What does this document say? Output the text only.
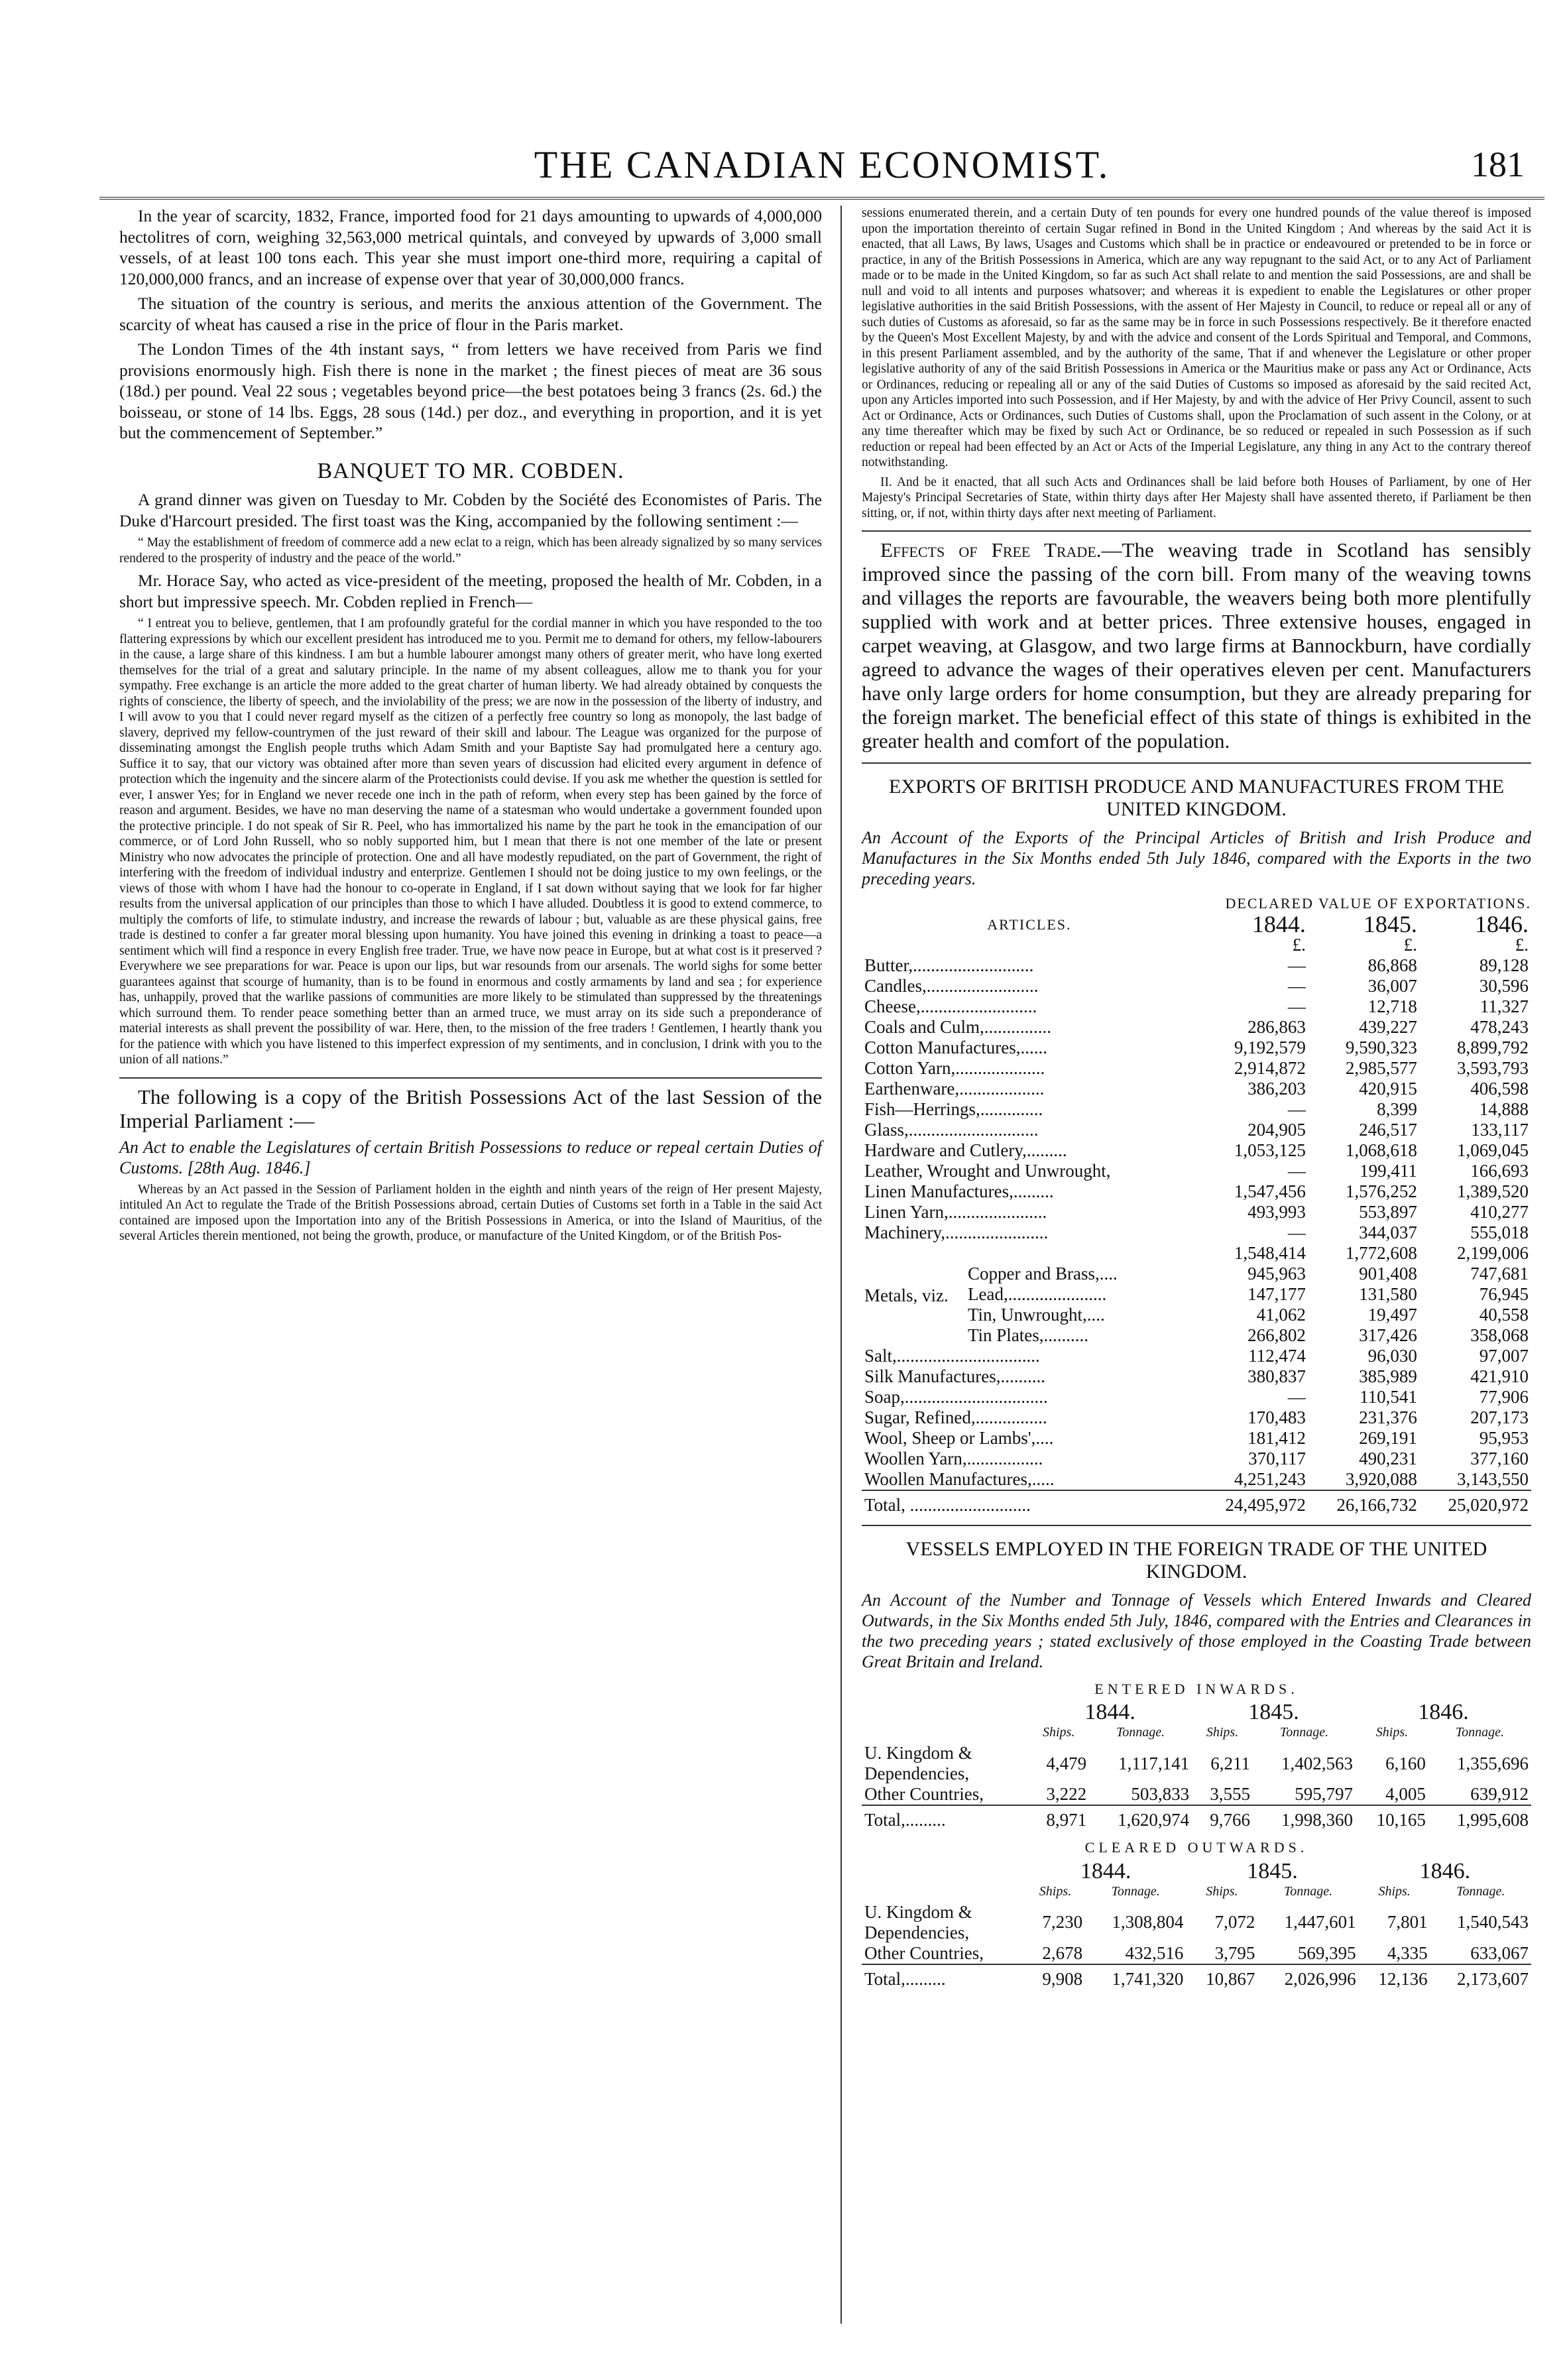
THE CANADIAN ECONOMIST.	181

In the year of scarcity, 1832, France, imported food for 21 days amounting to upwards of 4,000,000 hectolitres of corn, weighing 32,563,000 metrical quintals, and conveyed by upwards of 3,000 small vessels, of at least 100 tons each. This year she must import one-third more, requiring a capital of 120,000,000 francs, and an increase of expense over that year of 30,000,000 francs.

The situation of the country is serious, and merits the anxious attention of the Government. The scarcity of wheat has caused a rise in the price of flour in the Paris market.

The London Times of the 4th instant says, “ from letters we have received from Paris we find provisions enormously high. Fish there is none in the market ; the finest pieces of meat are 36 sous (18d.) per pound. Veal 22 sous ; vegetables beyond price—the best potatoes being 3 francs (2s. 6d.) the boisseau, or stone of 14 lbs. Eggs, 28 sous (14d.) per doz., and everything in proportion, and it is yet but the commencement of September.”

BANQUET TO MR. COBDEN.

A grand dinner was given on Tuesday to Mr. Cobden by the Société des Economistes of Paris. The Duke d'Harcourt presided. The first toast was the King, accompanied by the following sentiment :—

“ May the establishment of freedom of commerce add a new eclat to a reign, which has been already signalized by so many services rendered to the prosperity of industry and the peace of the world.”

Mr. Horace Say, who acted as vice-president of the meeting, proposed the health of Mr. Cobden, in a short but impressive speech. Mr. Cobden replied in French—

“ I entreat you to believe, gentlemen, that I am profoundly grateful for the cordial manner in which you have responded to the too flattering expressions by which our excellent president has introduced me to you. Permit me to demand for others, my fellow-labourers in the cause, a large share of this kindness. I am but a humble labourer amongst many others of greater merit, who have long exerted themselves for the trial of a great and salutary principle. In the name of my absent colleagues, allow me to thank you for your sympathy. Free exchange is an article the more added to the great charter of human liberty. We had already obtained by conquests the rights of conscience, the liberty of speech, and the inviolability of the press; we are now in the possession of the liberty of industry, and I will avow to you that I could never regard myself as the citizen of a perfectly free country so long as monopoly, the last badge of slavery, deprived my fellow-countrymen of the just reward of their skill and labour. The League was organized for the purpose of disseminating amongst the English people truths which Adam Smith and your Baptiste Say had promulgated here a century ago. Suffice it to say, that our victory was obtained after more than seven years of discussion had elicited every argument in defence of protection which the ingenuity and the sincere alarm of the Protectionists could devise. If you ask me whether the question is settled for ever, I answer Yes; for in England we never recede one inch in the path of reform, when every step has been gained by the force of reason and argument. Besides, we have no man deserving the name of a statesman who would undertake a government founded upon the protective principle. I do not speak of Sir R. Peel, who has immortalized his name by the part he took in the emancipation of our commerce, or of Lord John Russell, who so nobly supported him, but I mean that there is not one member of the late or present Ministry who now advocates the principle of protection. One and all have modestly repudiated, on the part of Government, the right of interfering with the freedom of individual industry and enterprize. Gentlemen I should not be doing justice to my own feelings, or the views of those with whom I have had the honour to co-operate in England, if I sat down without saying that we look for far higher results from the universal application of our principles than those to which I have alluded. Doubtless it is good to extend commerce, to multiply the comforts of life, to stimulate industry, and increase the rewards of labour ; but, valuable as are these physical gains, free trade is destined to confer a far greater moral blessing upon humanity. You have joined this evening in drinking a toast to peace—a sentiment which will find a responce in every English free trader. True, we have now peace in Europe, but at what cost is it preserved ? Everywhere we see preparations for war. Peace is upon our lips, but war resounds from our arsenals. The world sighs for some better guarantees against that scourge of humanity, than is to be found in enormous and costly armaments by land and sea ; for experience has, unhappily, proved that the warlike passions of communities are more likely to be stimulated than suppressed by the threatenings which surround them. To render peace something better than an armed truce, we must array on its side such a preponderance of material interests as shall prevent the possibility of war. Here, then, to the mission of the free traders ! Gentlemen, I heartly thank you for the patience with which you have listened to this imperfect expression of my sentiments, and in conclusion, I drink with you to the union of all nations.”

The following is a copy of the British Possessions Act of the last Session of the Imperial Parliament :—

An Act to enable the Legislatures of certain British Possessions to reduce or repeal certain Duties of Customs. [28th Aug. 1846.]

Whereas by an Act passed in the Session of Parliament holden in the eighth and ninth years of the reign of Her present Majesty, intituled An Act to regulate the Trade of the British Possessions abroad, certain Duties of Customs set forth in a Table in the said Act contained are imposed upon the Importation into any of the British Possessions in America, or into the Island of Mauritius, of the several Articles therein mentioned, not being the growth, produce, or manufacture of the United Kingdom, or of the British Pos-

sessions enumerated therein, and a certain Duty of ten pounds for every one hundred pounds of the value thereof is imposed upon the importation thereinto of certain Sugar refined in Bond in the United Kingdom ; And whereas by the said Act it is enacted, that all Laws, By laws, Usages and Customs which shall be in practice or endeavoured or pretended to be in force or practice, in any of the British Possessions in America, which are any way repugnant to the said Act, or to any Act of Parliament made or to be made in the United Kingdom, so far as such Act shall relate to and mention the said Possessions, are and shall be null and void to all intents and purposes whatsover; and whereas it is expedient to enable the Legislatures or other proper legislative authorities in the said British Possessions, with the assent of Her Majesty in Council, to reduce or repeal all or any of such duties of Customs as aforesaid, so far as the same may be in force in such Possessions respectively. Be it therefore enacted by the Queen's Most Excellent Majesty, by and with the advice and consent of the Lords Spiritual and Temporal, and Commons, in this present Parliament assembled, and by the authority of the same, That if and whenever the Legislature or other proper legislative authority of any of the said British Possessions in America or the Mauritius make or pass any Act or Ordinance, Acts or Ordinances, reducing or repealing all or any of the said Duties of Customs so imposed as aforesaid by the said recited Act, upon any Articles imported into such Possession, and if Her Majesty, by and with the advice of Her Privy Council, assent to such Act or Ordinance, Acts or Ordinances, such Duties of Customs shall, upon the Proclamation of such assent in the Colony, or at any time thereafter which may be fixed by such Act or Ordinance, be so reduced or repealed in such Possession as if such reduction or repeal had been effected by an Act or Acts of the Imperial Legislature, any thing in any Act to the contrary thereof notwithstanding.

II. And be it enacted, that all such Acts and Ordinances shall be laid before both Houses of Parliament, by one of Her Majesty's Principal Secretaries of State, within thirty days after Her Majesty shall have assented thereto, if Parliament be then sitting, or, if not, within thirty days after next meeting of Parliament.

Effects of Free Trade.—The weaving trade in Scotland has sensibly improved since the passing of the corn bill. From many of the weaving towns and villages the reports are favourable, the weavers being both more plentifully supplied with work and at better prices. Three extensive houses, engaged in carpet weaving, at Glasgow, and two large firms at Bannockburn, have cordially agreed to advance the wages of their operatives eleven per cent. Manufacturers have only large orders for home consumption, but they are already preparing for the foreign market. The beneficial effect of this state of things is exhibited in the greater health and comfort of the population.

EXPORTS OF BRITISH PRODUCE AND MANUFACTURES FROM THE UNITED KINGDOM.

An Account of the Exports of the Principal Articles of British and Irish Produce and Manufactures in the Six Months ended 5th July 1846, compared with the Exports in the two preceding years.

DECLARED VALUE OF EXPORTATIONS.
ARTICLES.	1844.	1845.	1846.
	£.	£.	£.
Butter,...........................	—	86,868	89,128
Candles,.........................	—	36,007	30,596
Cheese,..........................	—	12,718	11,327
Coals and Culm,...............	286,863	439,227	478,243
Cotton Manufactures,......	9,192,579	9,590,323	8,899,792
Cotton Yarn,....................	2,914,872	2,985,577	3,593,793
Earthenware,...................	386,203	420,915	406,598
Fish—Herrings,..............	—	8,399	14,888
Glass,.............................	204,905	246,517	133,117
Hardware and Cutlery,.........	1,053,125	1,068,618	1,069,045
Leather, Wrought and Unwrought,	—	199,411	166,693
Linen Manufactures,.........	1,547,456	1,576,252	1,389,520
Linen Yarn,......................	493,993	553,897	410,277
Machinery,.......................	—	344,037	555,018

Metals, viz.	1,548,414	1,772,608	2,199,006
Copper and Brass,....	945,963	901,408	747,681
Lead,......................	147,177	131,580	76,945
Tin, Unwrought,....	41,062	19,497	40,558
Tin Plates,..........	266,802	317,426	358,068
Salt,................................	112,474	96,030	97,007
Silk Manufactures,..........	380,837	385,989	421,910
Soap,................................	—	110,541	77,906
Sugar, Refined,................	170,483	231,376	207,173
Wool, Sheep or Lambs',....	181,412	269,191	95,953
Woollen Yarn,.................	370,117	490,231	377,160
Woollen Manufactures,.....	4,251,243	3,920,088	3,143,550
Total, ...........................	24,495,972	26,166,732	25,020,972
VESSELS EMPLOYED IN THE FOREIGN TRADE OF THE UNITED KINGDOM.

An Account of the Number and Tonnage of Vessels which Entered Inwards and Cleared Outwards, in the Six Months ended 5th July, 1846, compared with the Entries and Clearances in the two preceding years ; stated exclusively of those employed in the Coasting Trade between Great Britain and Ireland.

ENTERED INWARDS.
	1844.		1845.		1846.	
	Ships.	Tonnage.	Ships.	Tonnage.	Ships.	Tonnage.
U. Kingdom &
Dependencies,	4,479	1,117,141	6,211	1,402,563	6,160	1,355,696
Other Countries,	3,222	503,833	3,555	595,797	4,005	639,912
Total,.........	8,971	1,620,974	9,766	1,998,360	10,165	1,995,608
CLEARED OUTWARDS.
	1844.		1845.		1846.	
	Ships.	Tonnage.	Ships.	Tonnage.	Ships.	Tonnage.
U. Kingdom &
Dependencies,	7,230	1,308,804	7,072	1,447,601	7,801	1,540,543
Other Countries,	2,678	432,516	3,795	569,395	4,335	633,067
Total,.........	9,908	1,741,320	10,867	2,026,996	12,136	2,173,607
